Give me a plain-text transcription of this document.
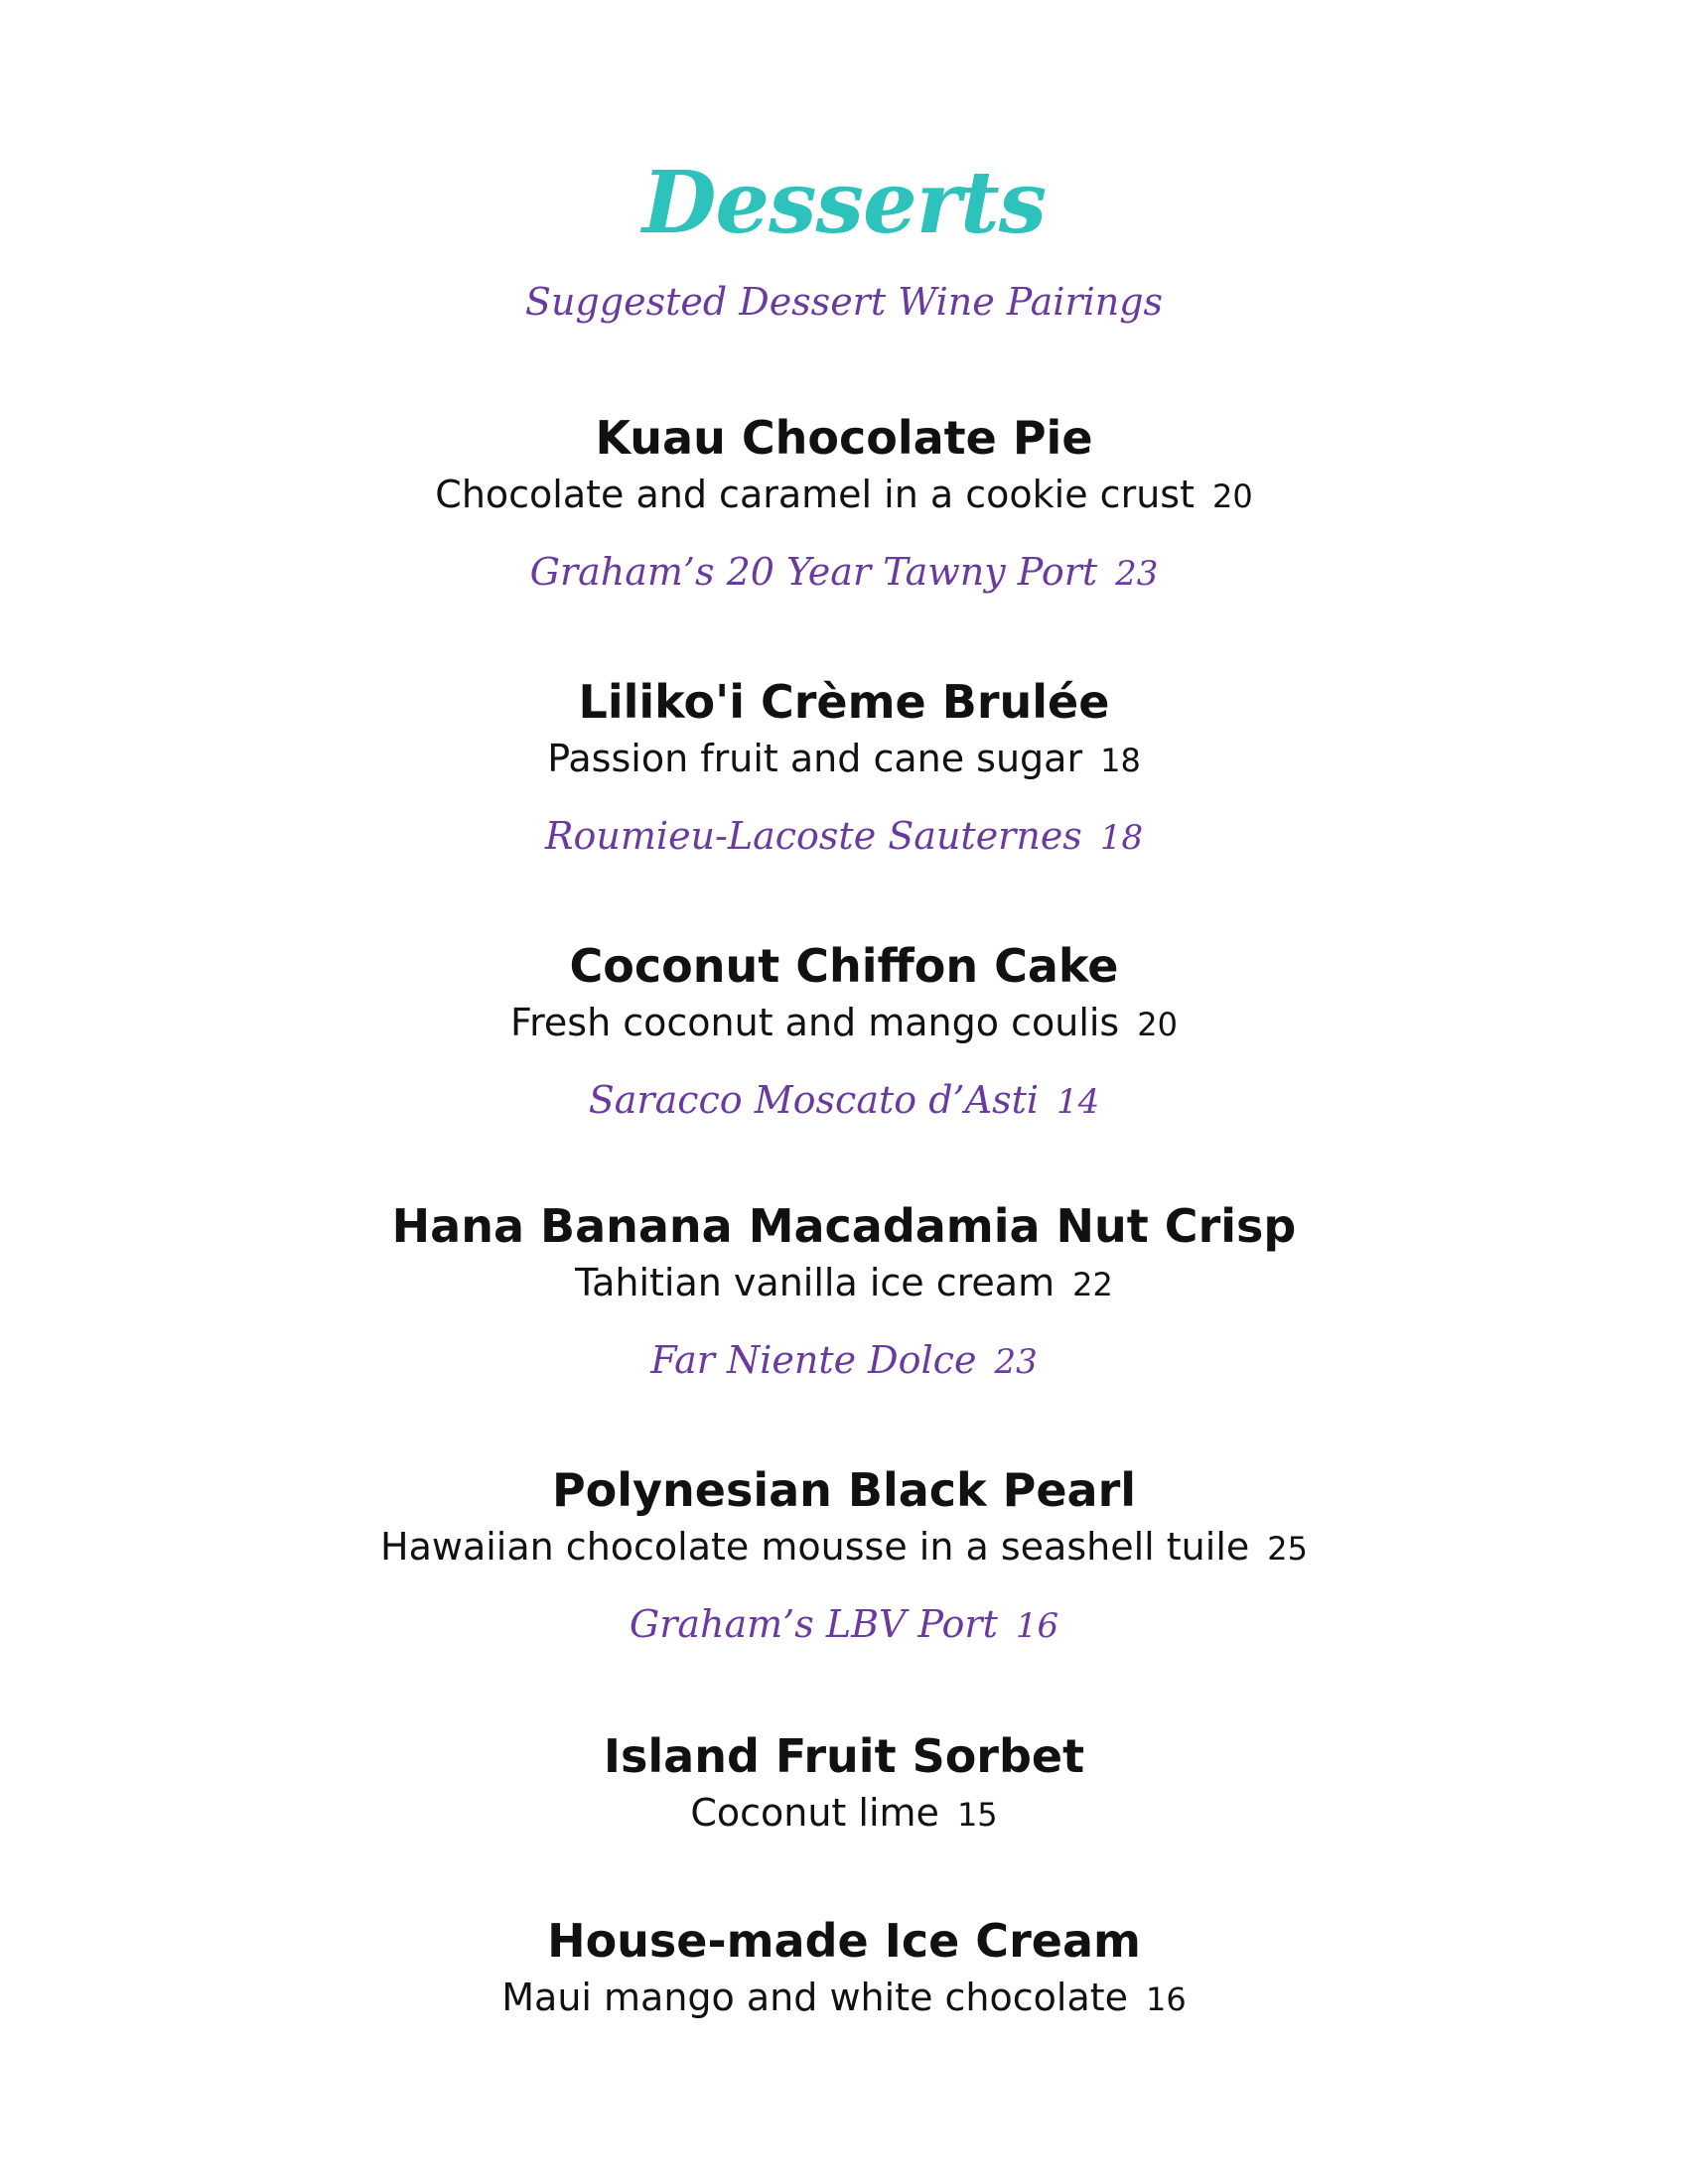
Desserts
Suggested Dessert Wine Pairings
Kuau Chocolate Pie
Chocolate and caramel in a cookie crust 20
Graham’s 20 Year Tawny Port 23
Liliko'i Crème Brulée
Passion fruit and cane sugar 18
Roumieu-Lacoste Sauternes 18
Coconut Chiffon Cake
Fresh coconut and mango coulis 20
Saracco Moscato d’Asti 14
Hana Banana Macadamia Nut Crisp
Tahitian vanilla ice cream 22
Far Niente Dolce 23
Polynesian Black Pearl
Hawaiian chocolate mousse in a seashell tuile 25
Graham’s LBV Port 16
Island Fruit Sorbet
Coconut lime 15
House-made Ice Cream
Maui mango and white chocolate 16
